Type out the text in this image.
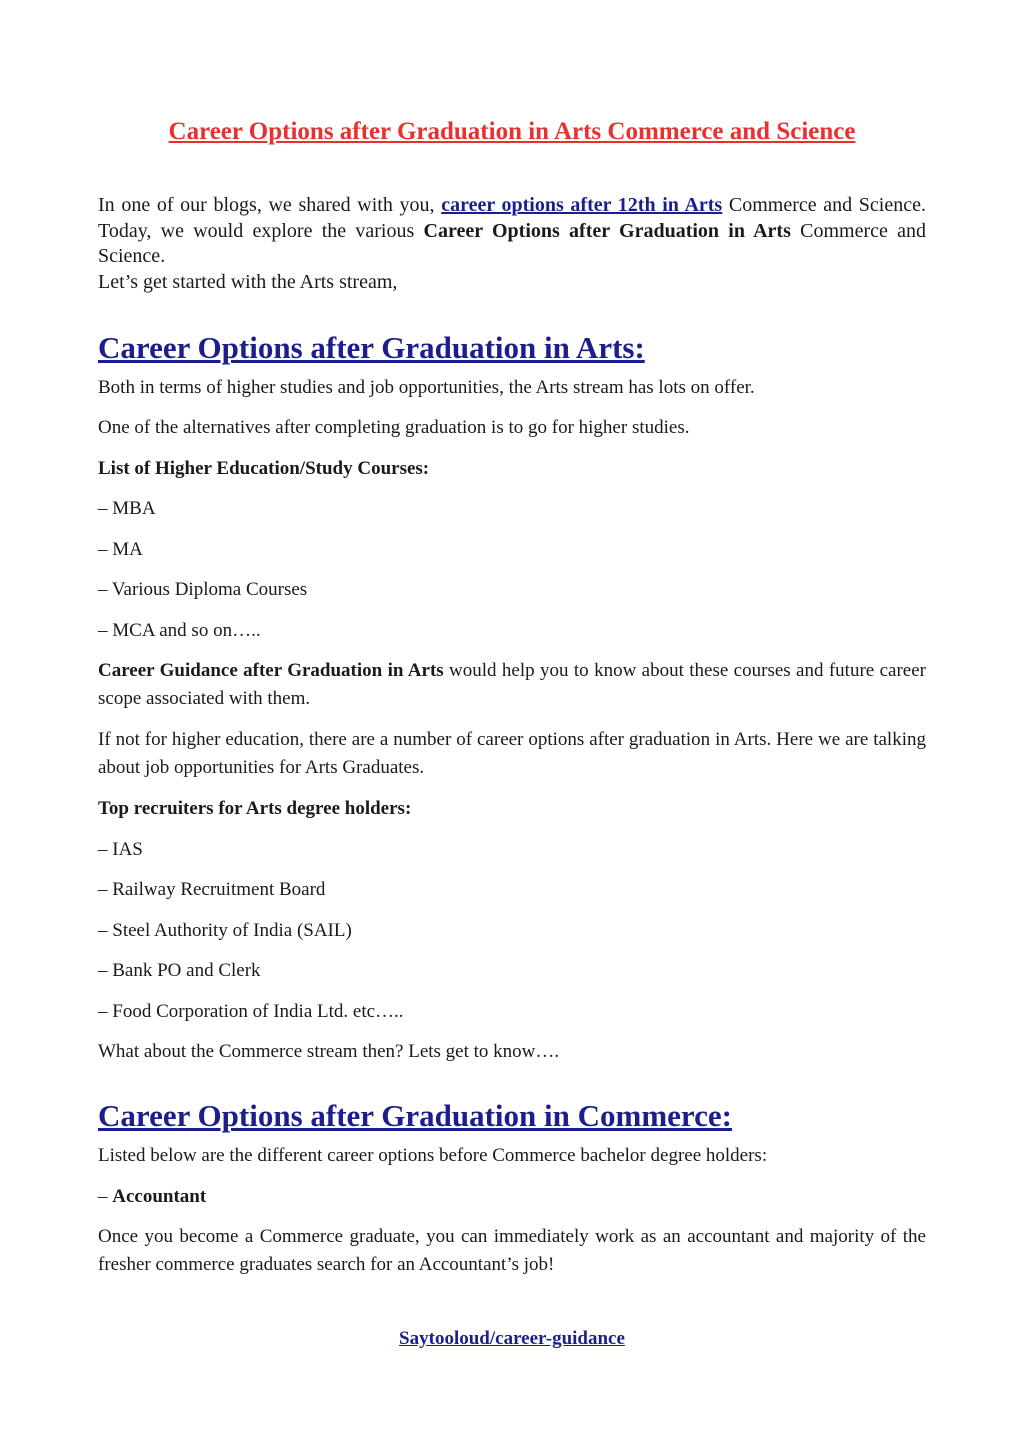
Career Options after Graduation in Arts Commerce and Science
In one of our blogs, we shared with you, career options after 12th in Arts Commerce and Science. Today, we would explore the various Career Options after Graduation in Arts Commerce and Science.
Let’s get started with the Arts stream,
Career Options after Graduation in Arts:
Both in terms of higher studies and job opportunities, the Arts stream has lots on offer.
One of the alternatives after completing graduation is to go for higher studies.
List of Higher Education/Study Courses:
– MBA
– MA
– Various Diploma Courses
– MCA and so on…..
Career Guidance after Graduation in Arts would help you to know about these courses and future career scope associated with them.
If not for higher education, there are a number of career options after graduation in Arts. Here we are talking about job opportunities for Arts Graduates.
Top recruiters for Arts degree holders:
– IAS
– Railway Recruitment Board
– Steel Authority of India (SAIL)
– Bank PO and Clerk
– Food Corporation of India Ltd. etc…..
What about the Commerce stream then? Lets get to know….
Career Options after Graduation in Commerce:
Listed below are the different career options before Commerce bachelor degree holders:
– Accountant
Once you become a Commerce graduate, you can immediately work as an accountant and majority of the fresher commerce graduates search for an Accountant’s job!
Saytooloud/career-guidance
